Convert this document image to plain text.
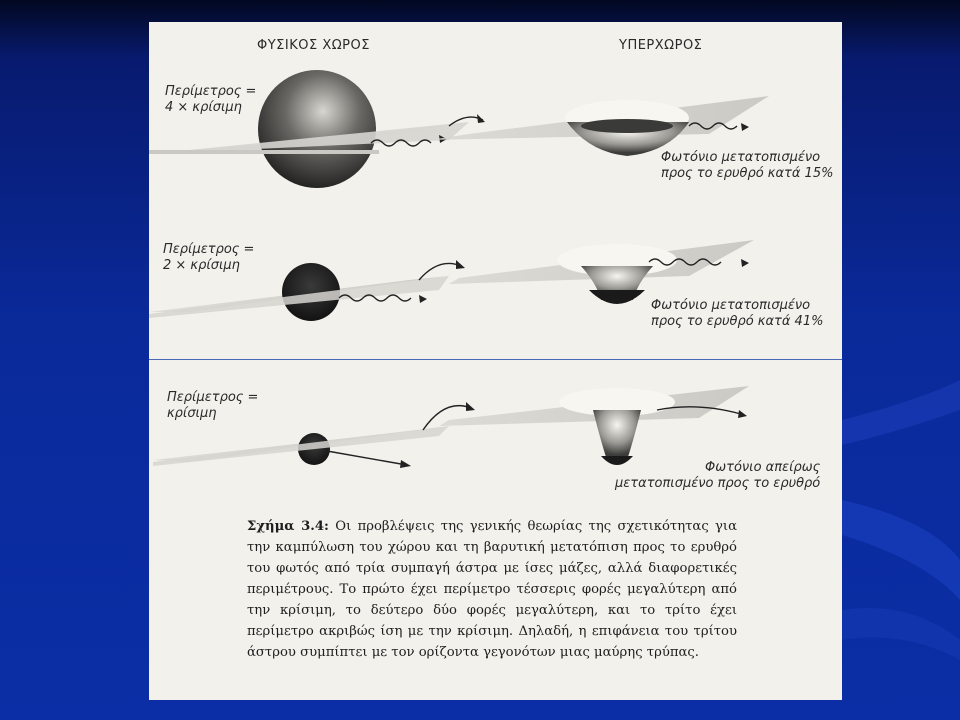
ΦΥΣΙΚΟΣ ΧΩΡΟΣ	ΥΠΕΡΧΩΡΟΣ
Περίμετρος =
4 × κρίσιμη
Φωτόνιο μετατοπισμένο
προς το ερυθρό κατά 15%
Περίμετρος =
2 × κρίσιμη
Φωτόνιο μετατοπισμένο
προς το ερυθρό κατά 41%
Περίμετρος =
κρίσιμη
Φωτόνιο απείρως
μετατοπισμένο προς το ερυθρό
Σχήμα 3.4: Οι προβλέψεις της γενικής θεωρίας της σχετικότητας για την καμπύλωση του χώρου και τη βαρυτική μετατόπιση προς το ερυθρό του φωτός από τρία συμπαγή άστρα με ίσες μάζες, αλλά διαφορετικές περιμέτρους. Το πρώτο έχει περίμετρο τέσσερις φορές μεγαλύτερη από την κρίσιμη, το δεύτερο δύο φορές μεγαλύτερη, και το τρίτο έχει περίμετρο ακριβώς ίση με την κρίσιμη. Δηλαδή, η επιφάνεια του τρίτου άστρου συμπίπτει με τον ορίζοντα γεγονότων μιας μαύρης τρύπας.
